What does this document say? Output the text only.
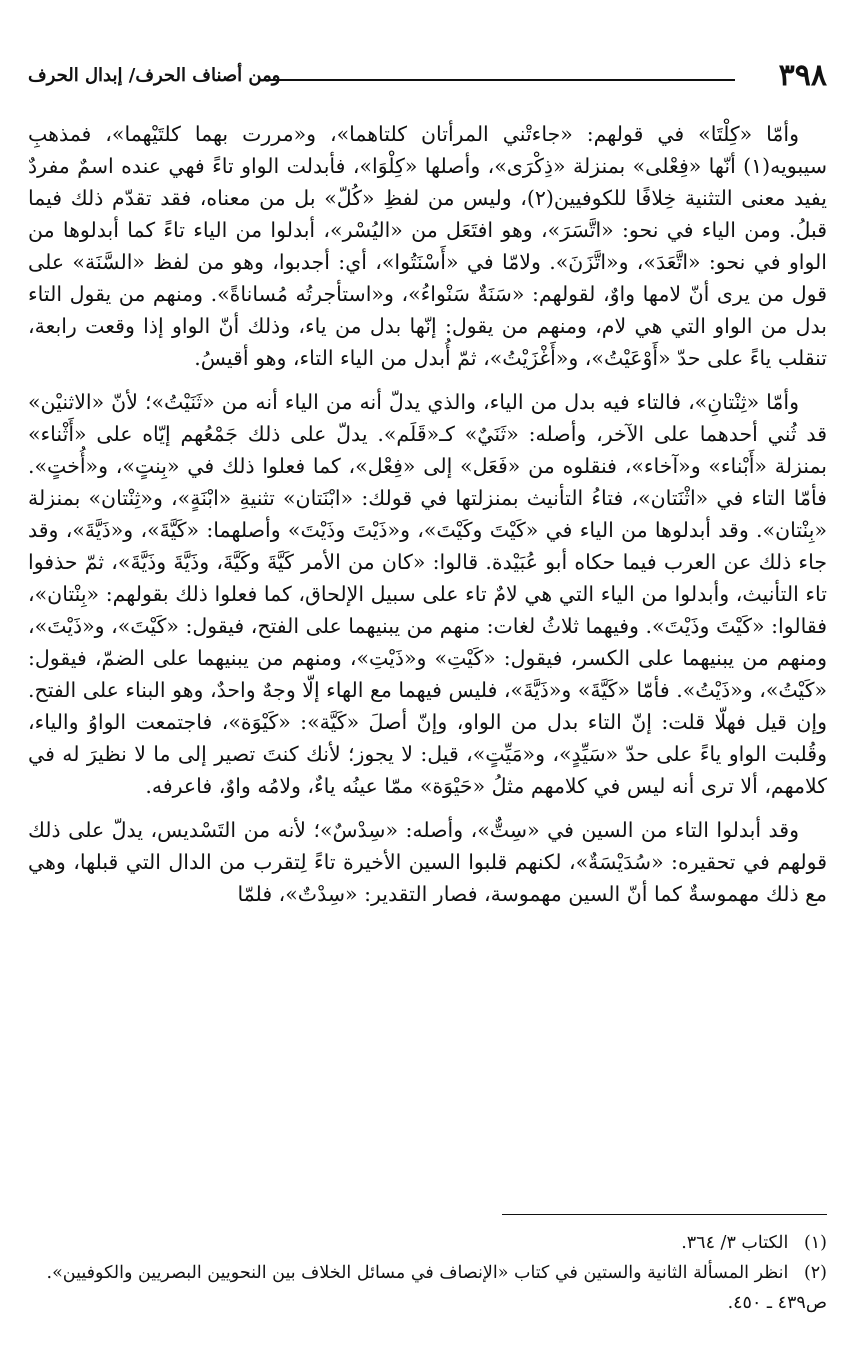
٣٩٨
ومن أصناف الحرف/ إبدال الحرف

وأمّا «كِلْتَا» في قولهم: «جاءتْني المرأتان كلتاهما»، و«مررت بهما كلتَيْهما»، فمذهبِ سيبويه(١) أنّها «فِعْلى» بمنزلة «ذِكْرَى»، وأصلها «كِلْوَا»، فأبدلت الواو تاءً فهي عنده اسمٌ مفردٌ يفيد معنى التثنية خِلافًا للكوفيين(٢)، وليس من لفظِ «كُلّ» بل من معناه، فقد تقدّم ذلك فيما قبلُ. ومن الياء في نحو: «اتَّسَرَ»، وهو افتَعَل من «اليُسْر»، أبدلوا من الياء تاءً كما أبدلوها من الواو في نحو: «اتَّعَدَ»، و«اتَّزَنَ». ولامّا في «أَسْنَتُوا»، أي: أجدبوا، وهو من لفظ «السَّنَة» على قول من يرى أنّ لامها واوٌ، لقولهم: «سَنَةٌ سَنْواءُ»، و«استأجرتُه مُساناةً». ومنهم من يقول التاء بدل من الواو التي هي لام، ومنهم من يقول: إنّها بدل من ياء، وذلك أنّ الواو إذا وقعت رابعة، تنقلب ياءً على حدّ «أَوْعَيْتُ»، و«أَغْزَيْتُ»، ثمّ أُبدل من الياء التاء، وهو أقيسُ.

وأمّا «ثِنْتانِ»، فالتاء فيه بدل من الياء، والذي يدلّ أنه من الياء أنه من «ثَنَيْتُ»؛ لأنّ «الاثنيْن» قد ثُني أحدهما على الآخر، وأصله: «ثَنَيٌ» كـ«قَلَم». يدلّ على ذلك جَمْعُهم إيّاه على «أَثْناء» بمنزلة «أَبْناء» و«آخاء»، فنقلوه من «فَعَل» إلى «فِعْل»، كما فعلوا ذلك في «بِنتٍ»، و«أُختٍ». فأمّا التاء في «اثْنَتان»، فتاءُ التأنيث بمنزلتها في قولك: «ابْنَتان» تثنيةِ «ابْنَةٍ»، و«ثِنْتان» بمنزلة «بِنْتان». وقد أبدلوها من الياء في «كَيْتَ وكَيْتَ»، و«ذَيْتَ وذَيْتَ» وأصلهما: «كَيَّةَ»، و«ذَيَّةَ»، وقد جاء ذلك عن العرب فيما حكاه أبو عُبَيْدة. قالوا: «كان من الأمر كَيَّةَ وكَيَّةَ، وذَيَّةَ وذَيَّةَ»، ثمّ حذفوا تاء التأنيث، وأبدلوا من الياء التي هي لامٌ تاء على سبيل الإلحاق، كما فعلوا ذلك بقولهم: «بِنْتان»، فقالوا: «كَيْتَ وذَيْتَ». وفيهما ثلاثُ لغات: منهم من يبنيهما على الفتح، فيقول: «كَيْتَ»، و«ذَيْتَ»، ومنهم من يبنيهما على الكسر، فيقول: «كَيْتِ» و«ذَيْتِ»، ومنهم من يبنيهما على الضمّ، فيقول: «كَيْتُ»، و«ذَيْتُ». فأمّا «كَيَّةَ» و«ذَيَّةَ»، فليس فيهما مع الهاء إلّا وجهٌ واحدٌ، وهو البناء على الفتح. وإن قيل فهلّا قلت: إنّ التاء بدل من الواو، وإنّ أصلَ «كَيَّة»: «كَيْوَة»، فاجتمعت الواوُ والياء، وقُلبت الواو ياءً على حدّ «سَيِّدٍ»، و«مَيِّتٍ»، قيل: لا يجوز؛ لأنك كنتَ تصير إلى ما لا نظيرَ له في كلامهم، ألا ترى أنه ليس في كلامهم مثلُ «حَيْوَة» ممّا عينُه ياءٌ، ولامُه واوٌ، فاعرفه.

وقد أبدلوا التاء من السين في «سِتٌّ»، وأصله: «سِدْسٌ»؛ لأنه من التَسْديس، يدلّ على ذلك قولهم في تحقيره: «سُدَيْسَةٌ»، لكنهم قلبوا السين الأخيرة تاءً لِتقرب من الدال التي قبلها، وهي مع ذلك مهموسةٌ كما أنّ السين مهموسة، فصار التقدير: «سِدْتٌ»، فلمّا

(١) الكتاب ٣/ ٣٦٤.

(٢) انظر المسألة الثانية والستين في كتاب «الإنصاف في مسائل الخلاف بين النحويين البصريين والكوفيين». ص٤٣٩ ـ ٤٥٠.
